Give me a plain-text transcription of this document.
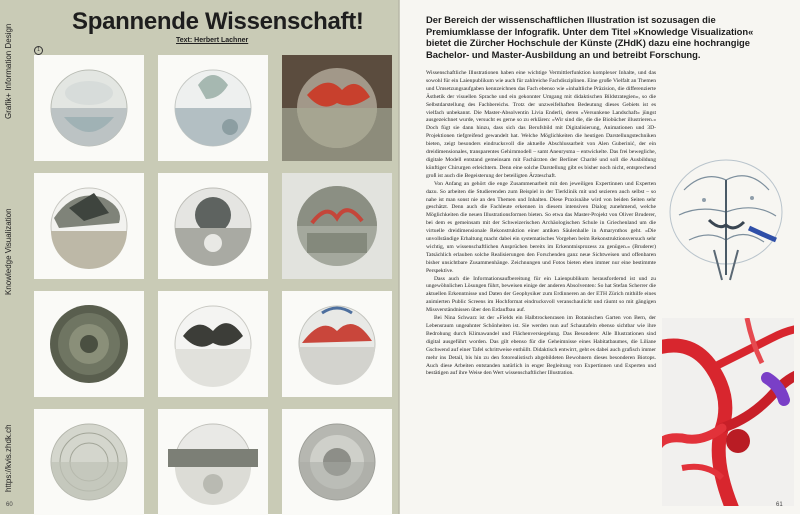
Grafik+ Information Design
Knowledge Visualization
https://kvis.zhdk.ch
Spannende Wissenschaft!
Text: Herbert Lachner
1
60
Der Bereich der wissenschaftlichen Illustration ist sozusagen die Premiumklasse der Infografik. Unter dem Titel »Knowledge Visualization« bietet die Zürcher Hochschule der Künste (ZHdK) dazu eine hochrangige Bachelor- und Master-Ausbildung an und betreibt Forschung.

Wissenschaftliche Illustrationen haben eine wichtige Vermittlerfunktion komplexer Inhalte, und das sowohl für ein Laienpublikum wie auch für zahlreiche Fachdisziplinen. Eine große Vielfalt an Themen und Umsetzungsaufgaben kennzeichnen das Fach ebenso wie »inhaltliche Präzision, die differenzierte Ästhetik der visuellen Sprache und ein gekonnter Umgang mit didaktischen Bildstrategien«, so die Selbstdarstellung des Fachbereichs. Trotz der unzweifelhaften Bedeutung dieses Gebiets ist es vielfach unbekannt. Die Master-Absolventin Livia Enderli, deren »Versunkene Landschaft« jüngst ausgezeichnet wurde, versucht es gerne so zu erklären: »Wir sind die, die die Biobücher illustrieren.« Doch fügt sie dann hinzu, dass sich das Berufsbild mit Digitalisierung, Animationen und 3D-Projektionen tiefgreifend gewandelt hat. Welche Möglichkeiten die heutigen Darstellungstechniken bieten, zeigt besonders eindrucksvoll die aktuelle Abschlussarbeit von Alen Guberinić, der ein dreidimensionales, transparentes Gehirnmodell – samt Aneurysma – entwickelte. Das frei bewegliche, digitale Modell entstand gemeinsam mit Fachärzten der Berliner Charité und soll die Ausbildung künftiger Chirurgen erleichtern. Denn eine solche Darstellung gibt es bisher noch nicht, entsprechend groß ist auch die Begeisterung der beteiligten Ärzteschaft.

Von Anfang an gehört die enge Zusammenarbeit mit den jeweiligen Expertinnen und Experten dazu. So arbeiten die Studierenden zum Beispiel in der Tierklinik mit und sezieren auch selbst – so nahe ist man sonst nie an den Themen und Inhalten. Diese Praxisnähe wird von beiden Seiten sehr geschätzt. Denn auch die Fachleute erkennen in diesem intensiven Dialog zunehmend, welche Möglichkeiten die neuen Illustrationsformen bieten. So etwa das Master-Projekt von Oliver Bruderer, bei dem es gemeinsam mit der Schweizerischen Archäologischen Schule in Griechenland um die virtuelle dreidimensionale Rekonstruktion einer antiken Säulenhalle in Amarynthos geht. »Die unvollständige Erhaltung macht dabei ein systematisches Vorgehen beim Rekonstruktionsversuch sehr wichtig, um wissenschaftlichen Ansprüchen bereits im Erkenntnisprozess zu genügen.« (Bruderer) Tatsächlich erlauben solche Realisierungen den Forschenden ganz neue Sichtweisen und offenbaren bisher unsichtbare Zusammenhänge. Zeichnungen und Fotos bieten eben immer nur eine bestimmte Perspektive.

Dass auch die Informationsaufbereitung für ein Laienpublikum herausfordernd ist und zu ungewöhnlichen Lösungen führt, beweisen einige der anderen Absolventen: So hat Stefan Scherrer die aktuellen Erkenntnisse und Daten der Geophysiker zum Erdinneren an der ETH Zürich mithilfe eines animierten Public Screens im Hochformat eindrucksvoll veranschaulicht und räumt so mit gängigen Missverständnissen über den Erdaufbau auf.

Bei Nina Schwarz ist der »Fields ein Halbtrockenrasen im Botanischen Garten von Bern, der Lebensraum ungeahnter Schönheiten ist. Sie werden nun auf Schautafeln ebenso sichtbar wie ihre Bedrohung durch Klimawandel und Flächenversiegelung. Das Besondere: Alle Illustrationen sind digital ausgeführt worden. Das gilt ebenso für die Geheimnisse eines Habitatbaumes, die Liliane Gschwend auf einer Tafel schrittweise enthüllt. Didaktisch entwirrt, geht es dabei auch grafisch immer mehr ins Detail, bis hin zu den fotorealistisch abgebildeten Bewohnern dieses besonderen Biotops. Auch diese Arbeiten entstanden natürlich in enger Begleitung von Expertinnen und Experten und bestätigen auf ihre Weise den Wert wissenschaftlicher Illustration.

61
